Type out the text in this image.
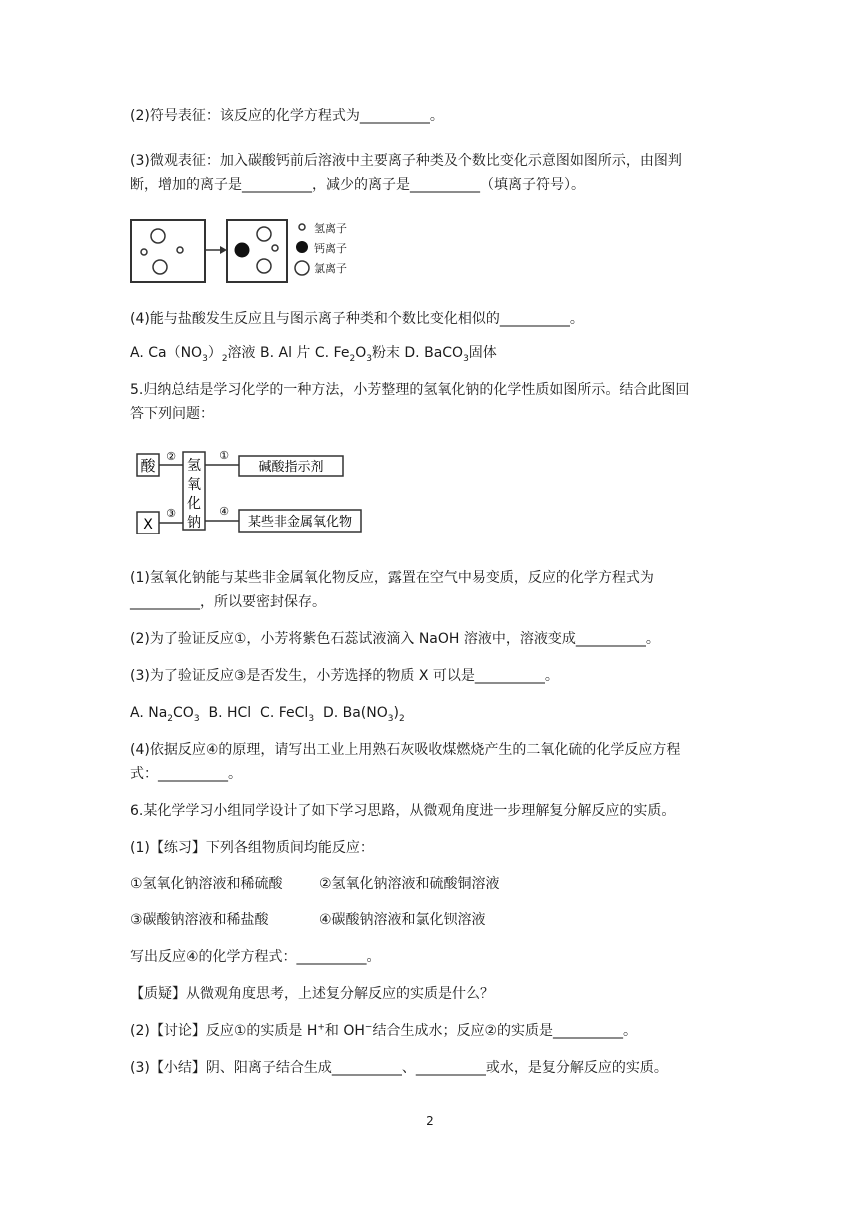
(2)符号表征：该反应的化学方程式为__________。
(3)微观表征：加入碳酸钙前后溶液中主要离子种类及个数比变化示意图如图所示，由图判
断，增加的离子是__________，减少的离子是__________（填离子符号）。
氢离子
钙离子
氯离子
(4)能与盐酸发生反应且与图示离子种类和个数比变化相似的__________。
A. $Ca(NO_3)_2$溶液 B. Al 片 C. $Fe_2O_3$粉末 D. BaCO$_3$固体
5.归纳总结是学习化学的一种方法，小芳整理的氢氧化钠的化学性质如图所示。结合此图回
答下列问题：
酸
X
②
③
①
④
氢
氧
化
钠
碱酸指示剂
某些非金属氧化物
(1)氢氧化钠能与某些非金属氧化物反应，露置在空气中易变质，反应的化学方程式为
__________，所以要密封保存。
(2)为了验证反应①，小芳将紫色石蕊试液滴入 NaOH 溶液中，溶液变成__________。
(3)为了验证反应③是否发生，小芳选择的物质 X 可以是__________。
A. $Na_2CO_3$  B. HCl  C. FeCl$_3$  D. $Ba(NO_3)_2$
(4)依据反应④的原理，请写出工业上用熟石灰吸收煤燃烧产生的二氧化硫的化学反应方程
式：__________。
6.某化学学习小组同学设计了如下学习思路，从微观角度进一步理解复分解反应的实质。
(1)【练习】下列各组物质间均能反应：
①氢氧化钠溶液和稀硫酸	②氢氧化钠溶液和硫酸铜溶液
③碳酸钠溶液和稀盐酸	④碳酸钠溶液和氯化钡溶液
写出反应④的化学方程式：__________。
【质疑】从微观角度思考，上述复分解反应的实质是什么？
(2)【讨论】反应①的实质是 H+和 OH−结合生成水；反应②的实质是__________。
(3)【小结】阴、阳离子结合生成__________、__________或水，是复分解反应的实质。
2
